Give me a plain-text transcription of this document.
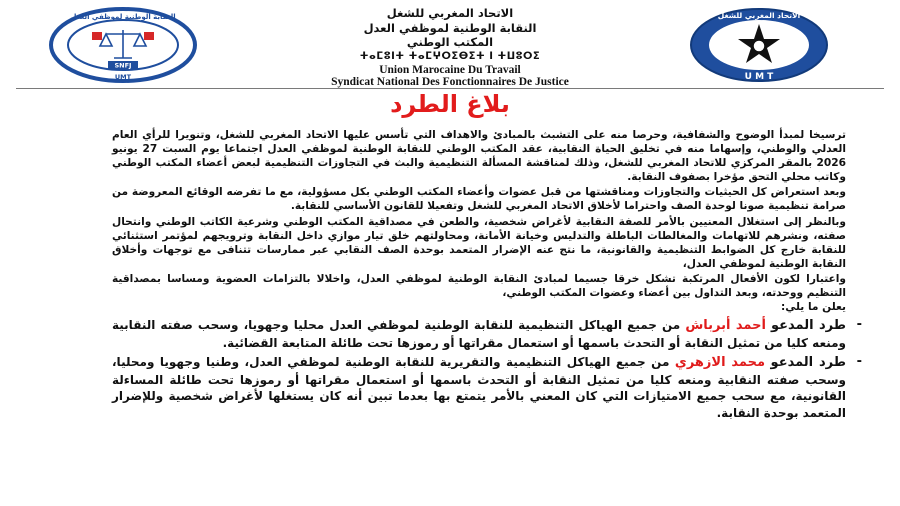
النقابة الوطنية لموظفي العدل
UMT
SNFJ
الاتحاد المغربي للشغل
النقابة الوطنية لموظفي العدل
المكتب الوطني
ⵜⴰⵎⵓⵏⵜ ⵜⴰⵎⵖⵔⵉⴱⵉⵜ ⵏ ⵜⵡⵓⵔⵉ
Union Marocaine Du Travail
Syndicat National Des Fonctionnaires De Justice
الاتحاد المغربي للشغل
U M T
بلاغ الطرد

ترسيخا لمبدأ الوضوح والشفافية، وحرصا منه على التشبث بالمبادئ والاهداف التي تأسس عليها الاتحاد المغربي للشغل، وتنويرا للرأي العام العدلي والوطني، وإسهاما منه في تخليق الحياة النقابية، عقد المكتب الوطني للنقابة الوطنية لموظفي العدل اجتماعا يوم السبت 27 يونيو 2026 بالمقر المركزي للاتحاد المغربي للشغل، وذلك لمناقشة المسألة التنظيمية والبث في التجاوزات التنظيمية لبعض أعضاء المكتب الوطني وكاتب محلي التحق مؤخرا بصفوف النقابة.

وبعد استعراض كل الحيثيات والتجاوزات ومناقشتها من قبل عضوات وأعضاء المكتب الوطني بكل مسؤولية، مع ما تفرضه الوقائع المعروضة من صرامة تنظيمية صونا لوحدة الصف واحتراما لأخلاق الاتحاد المغربي للشغل وتفعيلا للقانون الأساسي للنقابة.

وبالنظر إلى استغلال المعنيين بالأمر للصفة النقابية لأغراض شخصية، والطعن في مصداقية المكتب الوطني وشرعية الكاتب الوطني وانتحال صفته، ونشرهم للاتهامات والمغالطات الباطلة والتدليس وخيانة الأمانة، ومحاولتهم خلق تيار موازي داخل النقابة وترويجهم لمؤتمر استثنائي للنقابة خارج كل الضوابط التنظيمية والقانونية، ما نتج عنه الإضرار المتعمد بوحدة الصف النقابي عبر ممارسات تتنافى مع توجهات وأخلاق النقابة الوطنية لموظفي العدل،

واعتبارا لكون الأفعال المرتكبة تشكل خرقا جسيما لمبادئ النقابة الوطنية لموظفي العدل، واخلالا بالتزامات العضوية ومساسا بمصداقية التنظيم ووحدته، وبعد التداول بين أعضاء وعضوات المكتب الوطني،

يعلن ما يلي:

-
طرد المدعو أحمد أبرباش من جميع الهياكل التنظيمية للنقابة الوطنية لموظفي العدل محليا وجهويا، وسحب صفته النقابية ومنعه كليا من تمثيل النقابة أو التحدث باسمها أو استعمال مقراتها أو رموزها تحت طائلة المتابعة القضائية.

-
طرد المدعو محمد الازهري من جميع الهياكل التنظيمية والتقريرية للنقابة الوطنية لموظفي العدل، وطنيا وجهويا ومحليا، وسحب صفته النقابية ومنعه كليا من تمثيل النقابة أو التحدث باسمها أو استعمال مقراتها أو رموزها تحت طائلة المساءلة القانونية، مع سحب جميع الامتيازات التي كان المعني بالأمر يتمتع بها بعدما تبين أنه كان يستغلها لأغراض شخصية وللإضرار المتعمد بوحدة النقابة.
